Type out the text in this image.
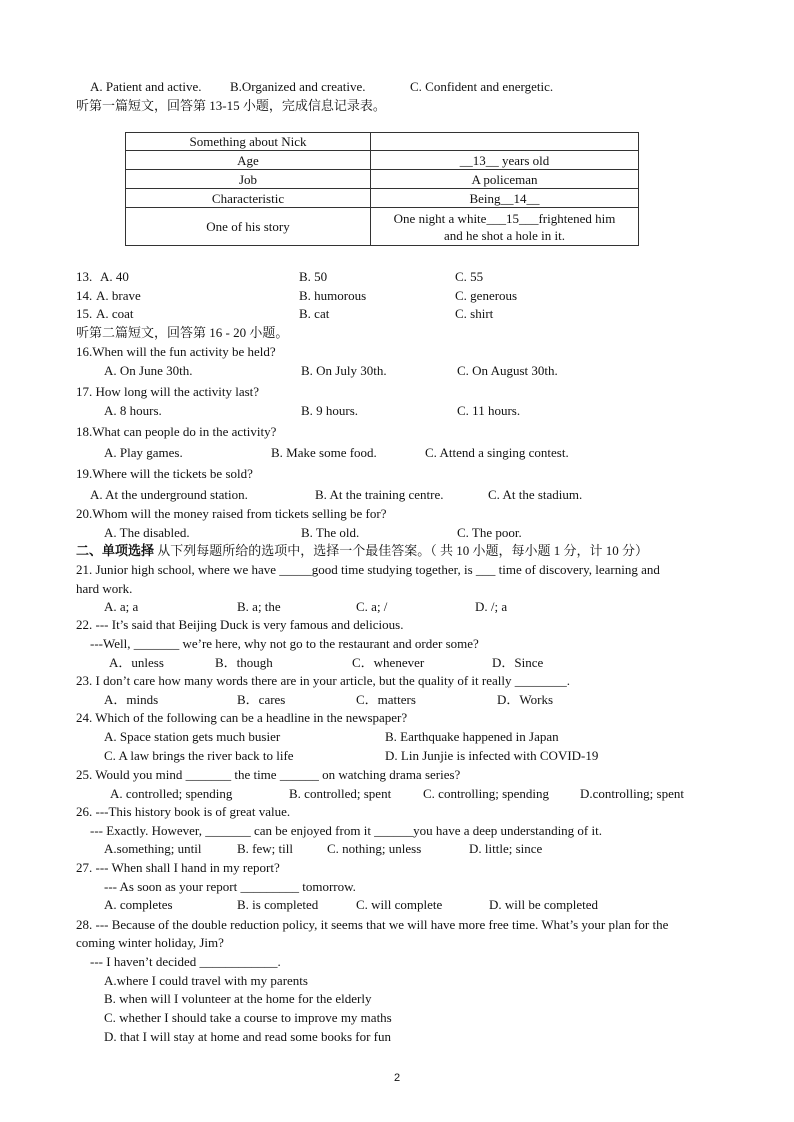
A. Patient and active. B.Organized and creative.	C. Confident and energetic.
听第一篇短文，回答第 13-15 小题，完成信息记录表。
Something about Nick	
Age	__13__ years old
Job	A policeman
Characteristic	Being__14__
One of his story	One night a white___15___frightened him
and he shot a hole in it.
13. A. 40	B. 50	C. 55
14. A. brave	B. humorous	C. generous
15. A. coat	B. cat	C. shirt
听第二篇短文，回答第 16 - 20 小题。
16.When will the fun activity be held?
A. On June 30th.	B. On July 30th.	C. On August 30th.
17. How long will the activity last?
A. 8 hours.	B. 9 hours.	C. 11 hours.
18.What can people do in the activity?
A. Play games.	B. Make some food.	C. Attend a singing contest.
19.Where will the tickets be sold?
A. At the underground station.	B. At the training centre.	C. At the stadium.
20.Whom will the money raised from tickets selling be for?
A. The disabled.	B. The old.	C. The poor.
二、单项选择 从下列每题所给的选项中，选择一个最佳答案。（ 共 10 小题，每小题 1 分，计 10 分）
21. Junior high school, where we have _____good time studying together, is ___ time of discovery, learning and
hard work.
A. a; a	B. a; the	C. a; /	D. /; a
22. --- It’s said that Beijing Duck is very famous and delicious.
---Well, _______ we’re here, why not go to the restaurant and order some?
A．unless	B．though	C．whenever	D．Since
23. I don’t care how many words there are in your article, but the quality of it really ________.
A．minds	B．cares	C．matters	D．Works
24. Which of the following can be a headline in the newspaper?
A. Space station gets much busier	B. Earthquake happened in Japan
C. A law brings the river back to life	D. Lin Junjie is infected with COVID-19
25. Would you mind _______ the time ______ on watching drama series?
A. controlled; spending	B. controlled; spent C. controlling; spending D.controlling; spent
26. ---This history book is of great value.
--- Exactly. However, _______ can be enjoyed from it ______you have a deep understanding of it.
A.something; until	B. few; till	C. nothing; unless	D. little; since
27. --- When shall I hand in my report?
--- As soon as your report _________ tomorrow.
A. completes	B. is completed	C. will complete	D. will be completed
28. --- Because of the double reduction policy, it seems that we will have more free time. What’s your plan for the
coming winter holiday, Jim?
--- I haven’t decided ____________.
A.where I could travel with my parents
B. when will I volunteer at the home for the elderly
C. whether I should take a course to improve my maths
D. that I will stay at home and read some books for fun
2
